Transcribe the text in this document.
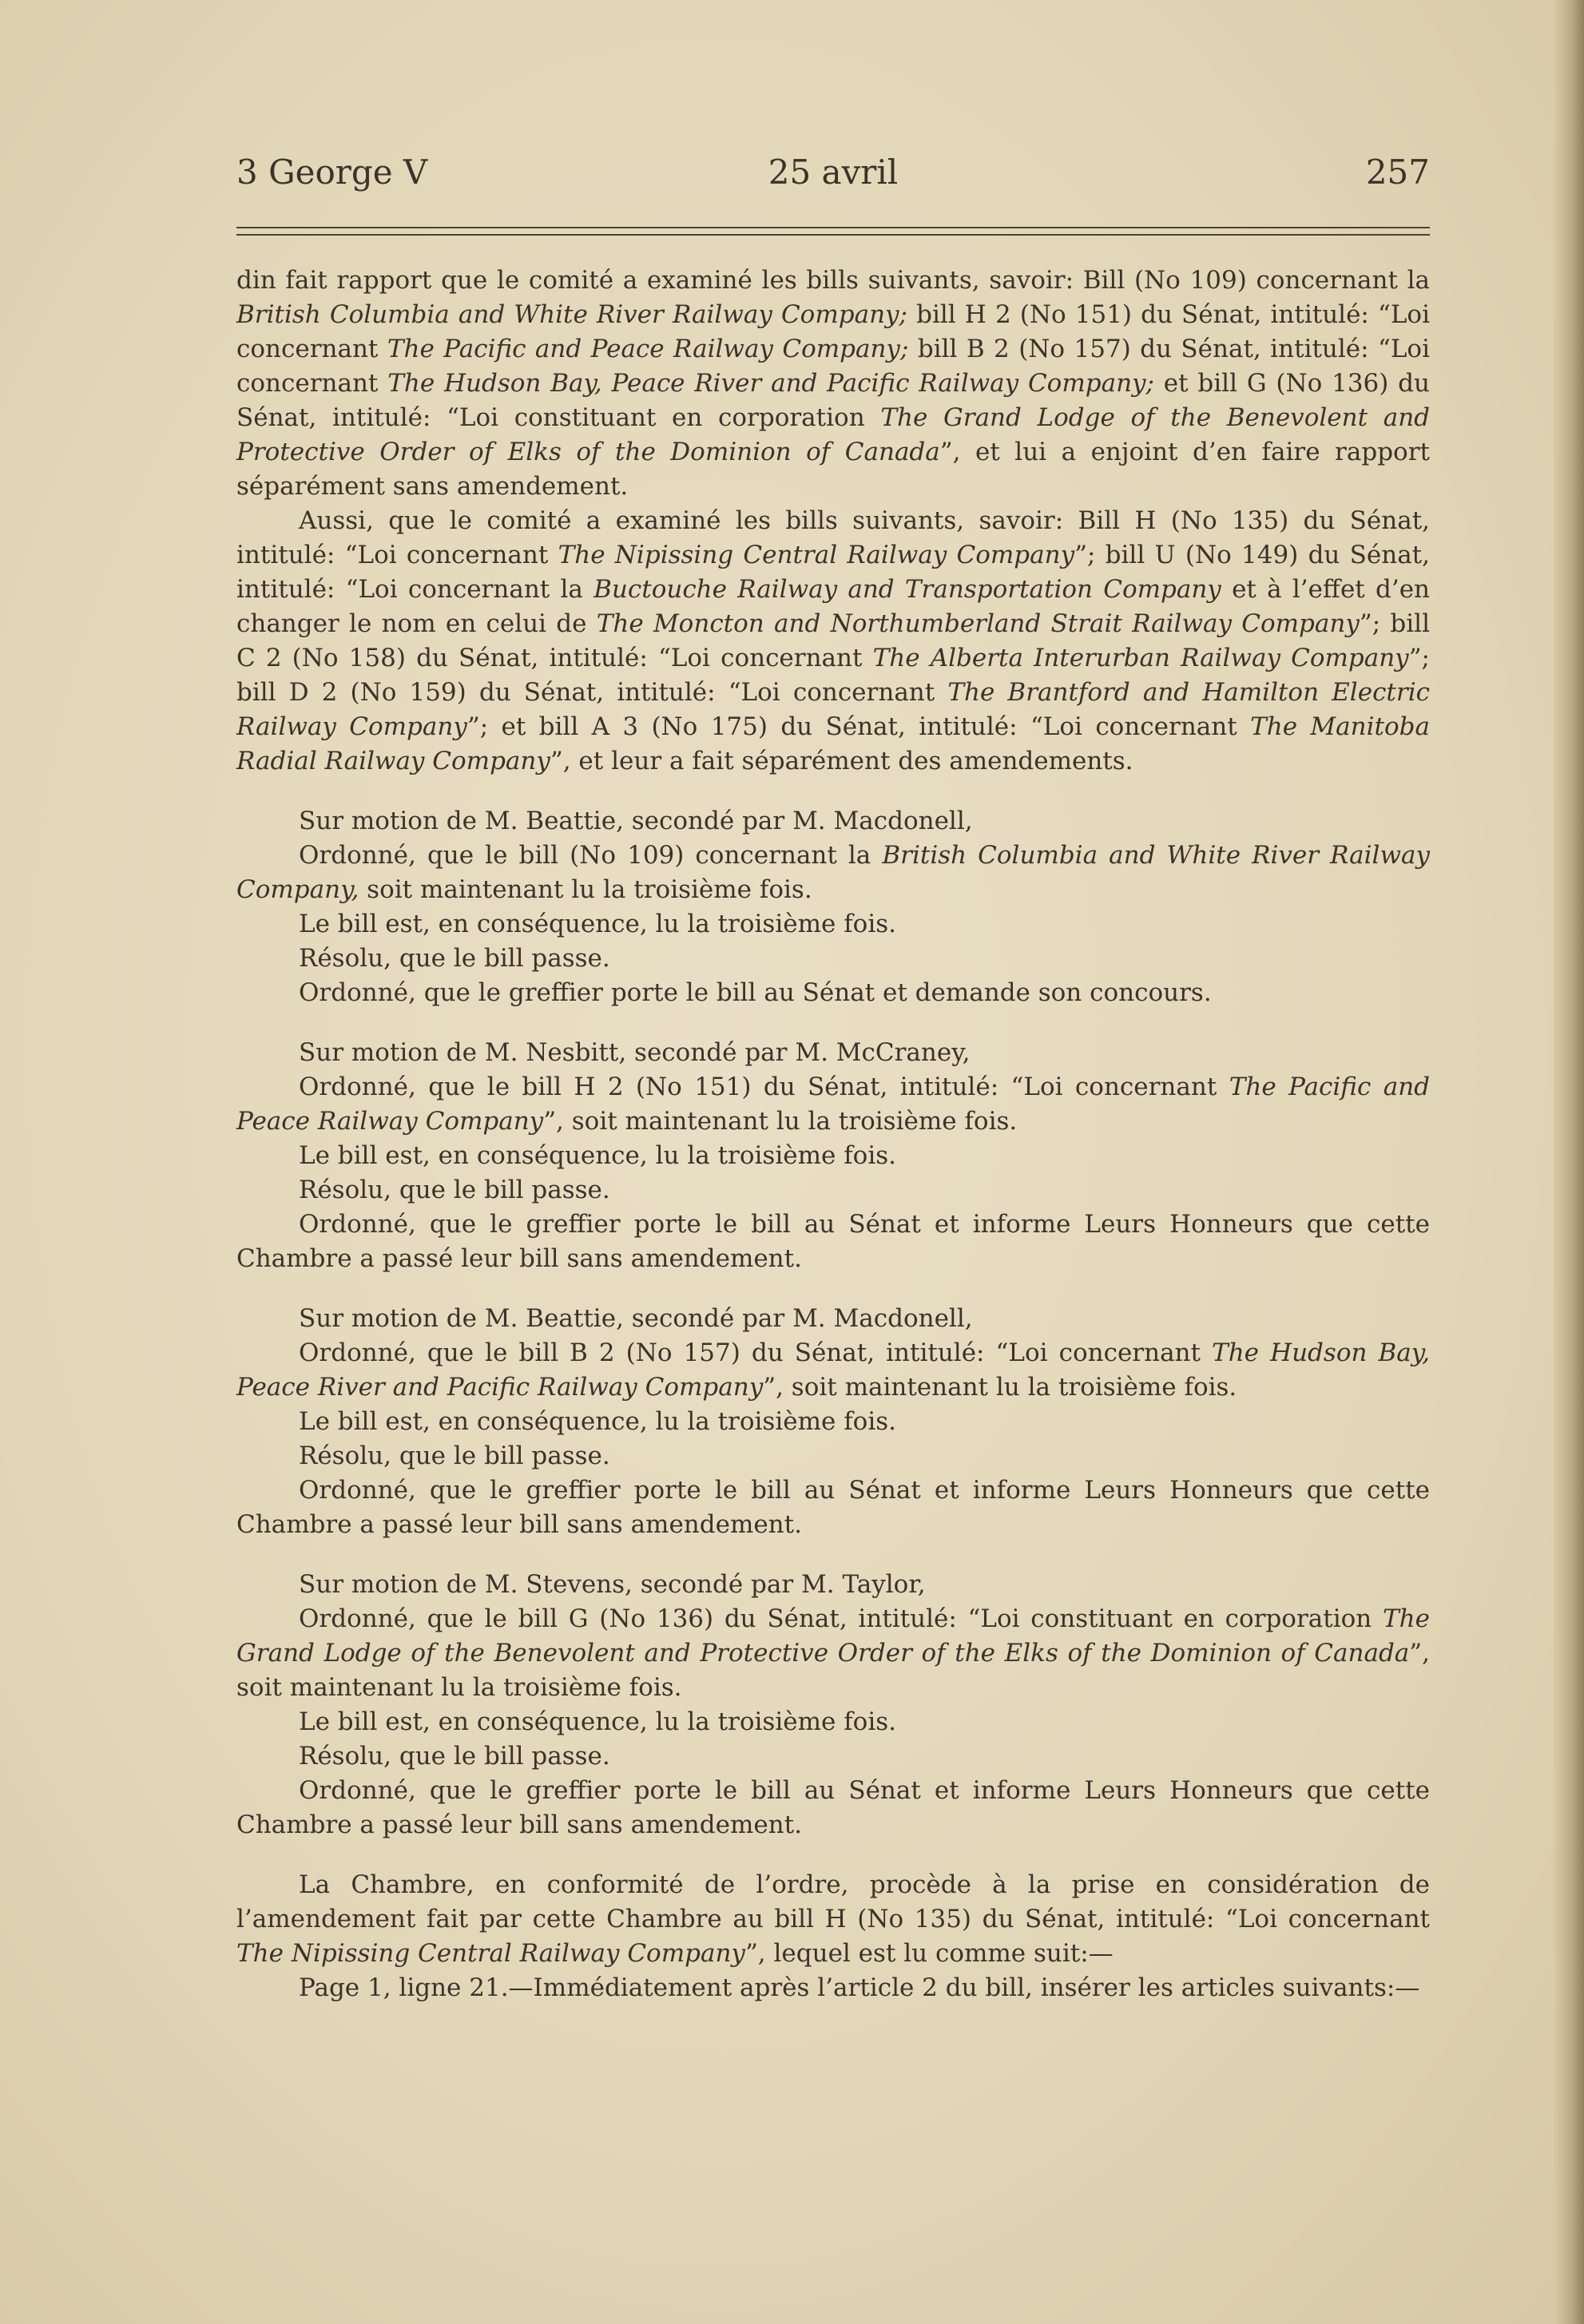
3 George V	25 avril	257

din fait rapport que le comité a examiné les bills suivants, savoir: Bill (No 109) concernant la British Columbia and White River Railway Company; bill H 2 (No 151) du Sénat, intitulé: “Loi concernant The Pacific and Peace Railway Company; bill B 2 (No 157) du Sénat, intitulé: “Loi concernant The Hudson Bay, Peace River and Pacific Railway Company; et bill G (No 136) du Sénat, intitulé: “Loi constituant en corporation The Grand Lodge of the Benevolent and Protective Order of Elks of the Dominion of Canada”, et lui a enjoint d’en faire rapport séparément sans amendement.

Aussi, que le comité a examiné les bills suivants, savoir: Bill H (No 135) du Sénat, intitulé: “Loi concernant The Nipissing Central Railway Company”; bill U (No 149) du Sénat, intitulé: “Loi concernant la Buctouche Railway and Transportation Company et à l’effet d’en changer le nom en celui de The Moncton and Northumberland Strait Railway Company”; bill C 2 (No 158) du Sénat, intitulé: “Loi concernant The Alberta Interurban Railway Company”; bill D 2 (No 159) du Sénat, intitulé: “Loi concernant The Brantford and Hamilton Electric Railway Company”; et bill A 3 (No 175) du Sénat, intitulé: “Loi concernant The Manitoba Radial Railway Company”, et leur a fait séparément des amendements.

Sur motion de M. Beattie, secondé par M. Macdonell,

Ordonné, que le bill (No 109) concernant la British Columbia and White River Railway Company, soit maintenant lu la troisième fois.

Le bill est, en conséquence, lu la troisième fois.

Résolu, que le bill passe.

Ordonné, que le greffier porte le bill au Sénat et demande son concours.

Sur motion de M. Nesbitt, secondé par M. McCraney,

Ordonné, que le bill H 2 (No 151) du Sénat, intitulé: “Loi concernant The Pacific and Peace Railway Company”, soit maintenant lu la troisième fois.

Le bill est, en conséquence, lu la troisième fois.

Résolu, que le bill passe.

Ordonné, que le greffier porte le bill au Sénat et informe Leurs Honneurs que cette Chambre a passé leur bill sans amendement.

Sur motion de M. Beattie, secondé par M. Macdonell,

Ordonné, que le bill B 2 (No 157) du Sénat, intitulé: “Loi concernant The Hudson Bay, Peace River and Pacific Railway Company”, soit maintenant lu la troisième fois.

Le bill est, en conséquence, lu la troisième fois.

Résolu, que le bill passe.

Ordonné, que le greffier porte le bill au Sénat et informe Leurs Honneurs que cette Chambre a passé leur bill sans amendement.

Sur motion de M. Stevens, secondé par M. Taylor,

Ordonné, que le bill G (No 136) du Sénat, intitulé: “Loi constituant en corporation The Grand Lodge of the Benevolent and Protective Order of the Elks of the Dominion of Canada”, soit maintenant lu la troisième fois.

Le bill est, en conséquence, lu la troisième fois.

Résolu, que le bill passe.

Ordonné, que le greffier porte le bill au Sénat et informe Leurs Honneurs que cette Chambre a passé leur bill sans amendement.

La Chambre, en conformité de l’ordre, procède à la prise en considération de l’amendement fait par cette Chambre au bill H (No 135) du Sénat, intitulé: “Loi concernant The Nipissing Central Railway Company”, lequel est lu comme suit:—

Page 1, ligne 21.—Immédiatement après l’article 2 du bill, insérer les articles suivants:—
